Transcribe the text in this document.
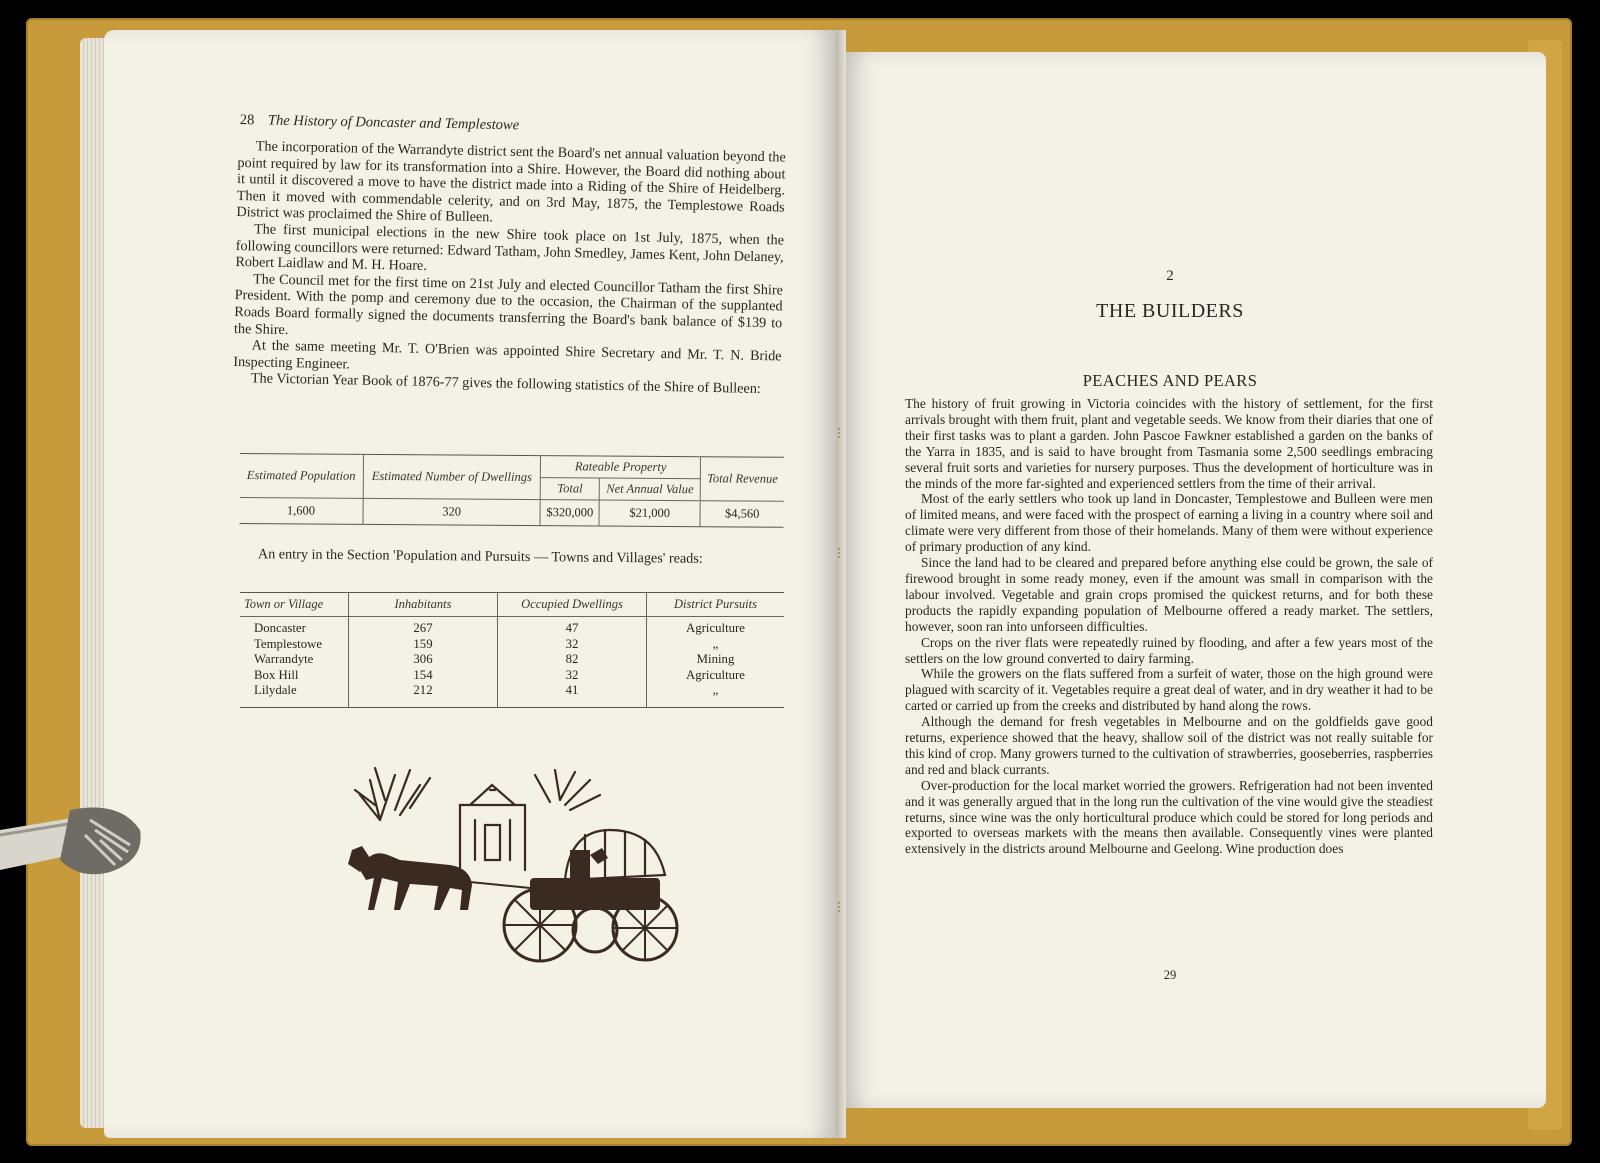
28 The History of Doncaster and Templestowe

The incorporation of the Warrandyte district sent the Board's net annual valuation beyond the point required by law for its transformation into a Shire. However, the Board did nothing about it until it discovered a move to have the district made into a Riding of the Shire of Heidelberg. Then it moved with commendable celerity, and on 3rd May, 1875, the Templestowe Roads District was proclaimed the Shire of Bulleen.

The first municipal elections in the new Shire took place on 1st July, 1875, when the following councillors were returned: Edward Tatham, John Smedley, James Kent, John Delaney, Robert Laidlaw and M. H. Hoare.

The Council met for the first time on 21st July and elected Councillor Tatham the first Shire President. With the pomp and ceremony due to the occasion, the Chairman of the supplanted Roads Board formally signed the documents transferring the Board's bank balance of $139 to the Shire.

At the same meeting Mr. T. O'Brien was appointed Shire Secretary and Mr. T. N. Bride Inspecting Engineer.

The Victorian Year Book of 1876-77 gives the following statistics of the Shire of Bulleen:

Estimated Population	Estimated Number of Dwellings	Rateable Property		Total Revenue
		Total	Net Annual Value	
1,600	320	$320,000	$21,000	$4,560

An entry in the Section 'Population and Pursuits — Towns and Villages' reads:

Town or Village	Inhabitants	Occupied Dwellings	District Pursuits

Doncaster	267	47	Agriculture
Templestowe	159	32	„
Warrandyte	306	82	Mining
Box Hill	154	32	Agriculture
Lilydale	212	41	„
2
THE BUILDERS
PEACHES AND PEARS

The history of fruit growing in Victoria coincides with the history of settlement, for the first arrivals brought with them fruit, plant and vegetable seeds. We know from their diaries that one of their first tasks was to plant a garden. John Pascoe Fawkner established a garden on the banks of the Yarra in 1835, and is said to have brought from Tasmania some 2,500 seedlings embracing several fruit sorts and varieties for nursery purposes. Thus the development of horticulture was in the minds of the more far-sighted and experienced settlers from the time of their arrival.

Most of the early settlers who took up land in Doncaster, Templestowe and Bulleen were men of limited means, and were faced with the prospect of earning a living in a country where soil and climate were very different from those of their homelands. Many of them were without experience of primary production of any kind.

Since the land had to be cleared and prepared before anything else could be grown, the sale of firewood brought in some ready money, even if the amount was small in comparison with the labour involved. Vegetable and grain crops promised the quickest returns, and for both these products the rapidly expanding population of Melbourne offered a ready market. The settlers, however, soon ran into unforseen difficulties.

Crops on the river flats were repeatedly ruined by flooding, and after a few years most of the settlers on the low ground converted to dairy farming.

While the growers on the flats suffered from a surfeit of water, those on the high ground were plagued with scarcity of it. Vegetables require a great deal of water, and in dry weather it had to be carted or carried up from the creeks and distributed by hand along the rows.

Although the demand for fresh vegetables in Melbourne and on the goldfields gave good returns, experience showed that the heavy, shallow soil of the district was not really suitable for this kind of crop. Many growers turned to the cultivation of strawberries, gooseberries, raspberries and red and black currants.

Over-production for the local market worried the growers. Refrigeration had not been invented and it was generally argued that in the long run the cultivation of the vine would give the steadiest returns, since wine was the only horticultural produce which could be stored for long periods and exported to overseas markets with the means then available. Consequently vines were planted extensively in the districts around Melbourne and Geelong. Wine production does

29
